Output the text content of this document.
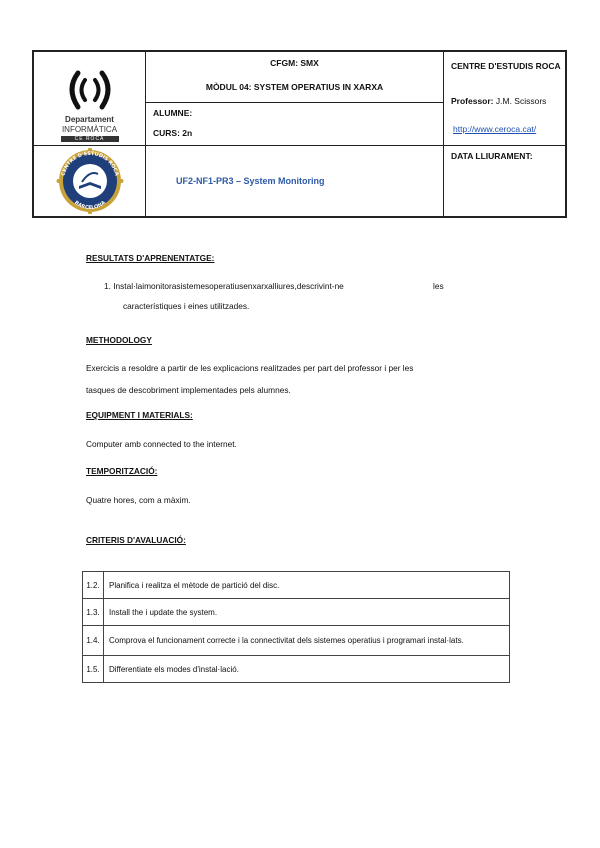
Departament
INFORMÀTICA
CE ROCA
CFGM: SMX
MÒDUL 04: SYSTEM OPERATIUS IN XARXA
CENTRE D'ESTUDIS ROCA
Professor: J.M. Scissors
http://www.ceroca.cat/
ALUMNE:
CURS: 2n
CENTRE D'ESTUDIS ROCA
BARCELONA
UF2-NF1-PR3 – System Monitoring
DATA LLIURAMENT:
RESULTATS D'APRENENTATGE:
1. Instal·laimonitorasistemesoperatiusenxarxalliures,descrivint-ne	les
característiques i eines utilitzades.
METHODOLOGY
Exercicis a resoldre a partir de les explicacions realitzades per part del professor i per les
tasques de descobriment implementades pels alumnes.
EQUIPMENT I MATERIALS:
Computer amb connected to the internet.
TEMPORITZACIÓ:
Quatre hores, com a màxim.
CRITERIS D'AVALUACIÓ:
1.2.	Planifica i realitza el mètode de partició del disc.
1.3.	Install the i update the system.
1.4.	Comprova el funcionament correcte i la connectivitat dels sistemes operatius i programari instal·lats.
1.5.	Differentiate els modes d'instal·lació.
